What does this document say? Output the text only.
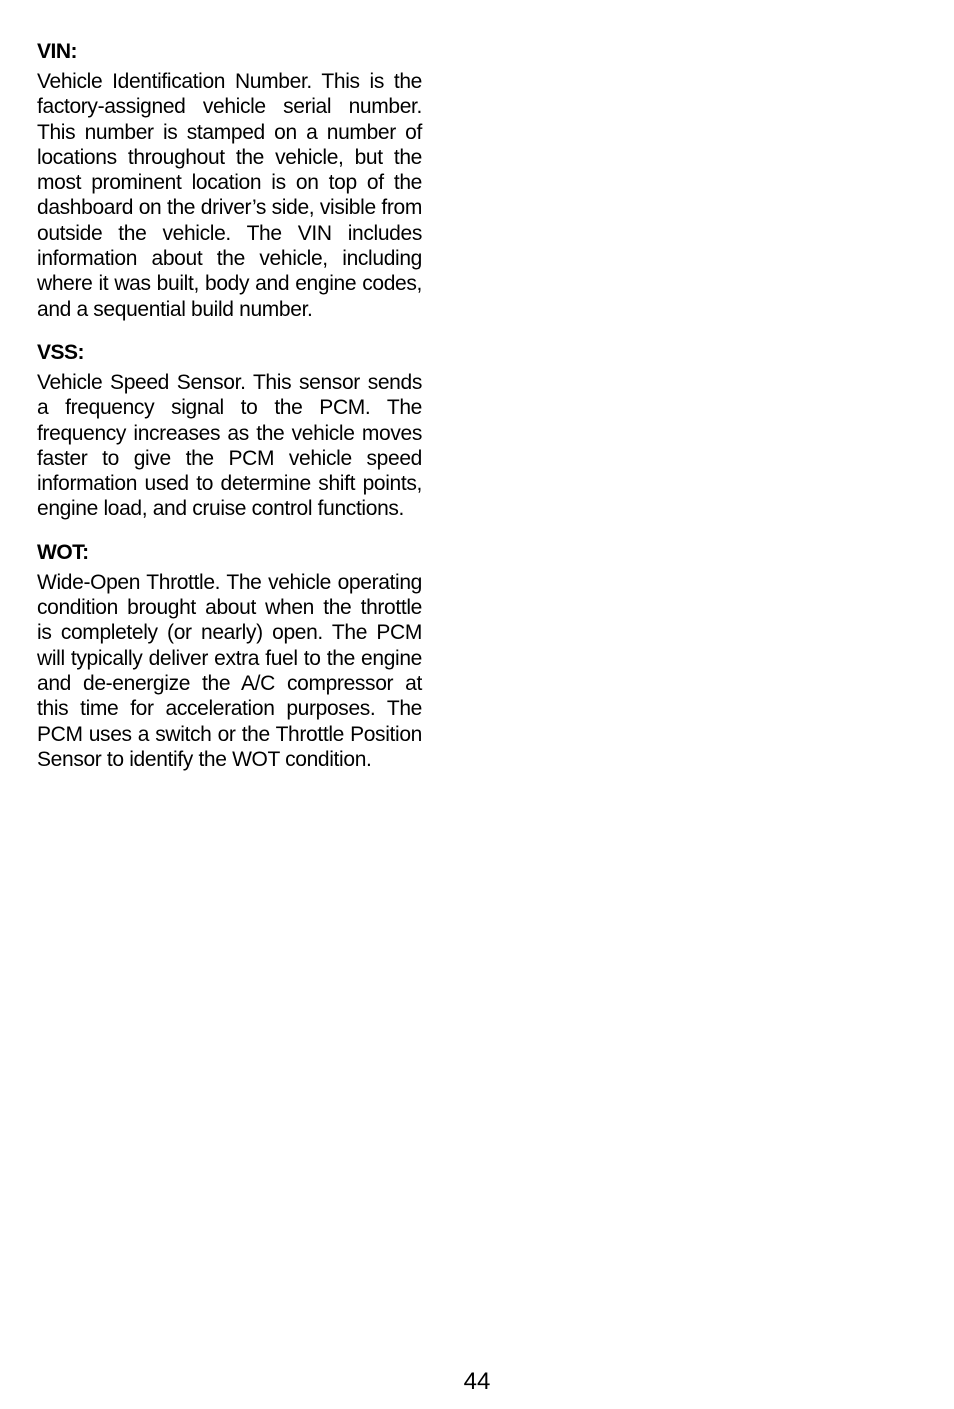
VIN:

Vehicle Identification Number. This is the factory-assigned vehicle serial number. This number is stamped on a number of locations throughout the vehicle, but the most prominent location is on top of the dashboard on the driver’s side, visible from outside the vehicle. The VIN includes information about the vehicle, including where it was built, body and engine codes, and a sequential build number.

VSS:

Vehicle Speed Sensor. This sensor sends a frequency signal to the PCM. The frequency increases as the vehicle moves faster to give the PCM vehicle speed information used to determine shift points, engine load, and cruise control functions.

WOT:

Wide-Open Throttle. The vehicle operating condition brought about when the throttle is completely (or nearly) open. The PCM will typically deliver extra fuel to the engine and de-energize the A/C compressor at this time for acceleration purposes. The PCM uses a switch or the Throttle Position Sensor to identify the WOT condition.

44
